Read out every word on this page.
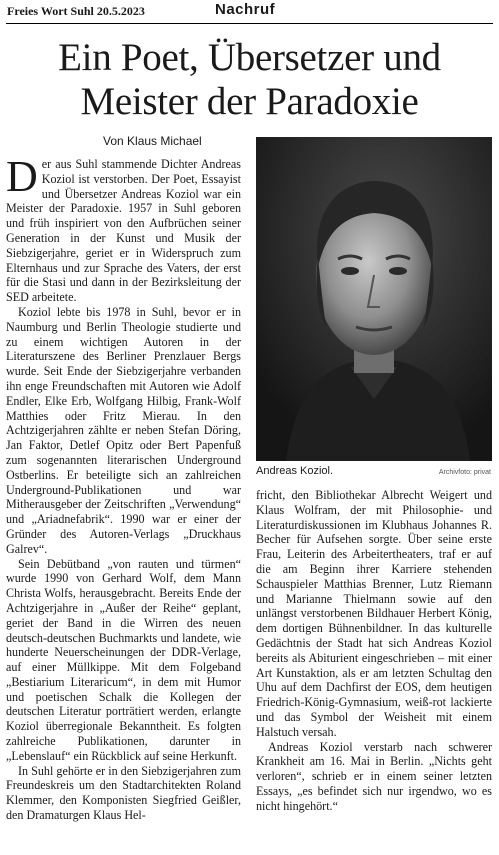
Freies Wort Suhl 20.5.2023	Nachruf
Ein Poet, Übersetzer und Meister der Paradoxie
Von Klaus Michael

Der aus Suhl stammende Dichter Andreas Koziol ist verstorben. Der Poet, Essayist und Übersetzer Andreas Koziol war ein Meister der Paradoxie. 1957 in Suhl geboren und früh inspiriert von den Aufbrüchen seiner Generation in der Kunst und Musik der Siebzigerjahre, geriet er in Widerspruch zum Elternhaus und zur Sprache des Vaters, der erst für die Stasi und dann in der Bezirksleitung der SED arbeitete.

Koziol lebte bis 1978 in Suhl, bevor er in Naumburg und Berlin Theologie studierte und zu einem wichtigen Autoren in der Literaturszene des Berliner Prenzlauer Bergs wurde. Seit Ende der Siebzigerjahre verbanden ihn enge Freundschaften mit Autoren wie Adolf Endler, Elke Erb, Wolfgang Hilbig, Frank-Wolf Matthies oder Fritz Mierau. In den Achtzigerjahren zählte er neben Stefan Döring, Jan Faktor, Detlef Opitz oder Bert Papenfuß zum sogenannten literarischen Underground Ostberlins. Er beteiligte sich an zahlreichen Underground-Publikationen und war Mitherausgeber der Zeitschriften „Verwendung“ und „Ariadnefabrik“. 1990 war er einer der Gründer des Autoren-Verlags „Druckhaus Galrev“.

Sein Debütband „von rauten und türmen“ wurde 1990 von Gerhard Wolf, dem Mann Christa Wolfs, herausgebracht. Bereits Ende der Achtzigerjahre in „Außer der Reihe“ geplant, geriet der Band in die Wirren des neuen deutsch-deutschen Buchmarkts und landete, wie hunderte Neuerscheinungen der DDR-Verlage, auf einer Müllkippe. Mit dem Folgeband „Bestiarium Literaricum“, in dem mit Humor und poetischen Schalk die Kollegen der deutschen Literatur porträtiert werden, erlangte Koziol überregionale Bekanntheit. Es folgten zahlreiche Publikationen, darunter in „Lebenslauf“ ein Rückblick auf seine Herkunft.

In Suhl gehörte er in den Siebzigerjahren zum Freundeskreis um den Stadtarchitekten Roland Klemmer, den Komponisten Siegfried Geißler, den Dramaturgen Klaus Hel-

Andreas Koziol.	Archivfoto: privat

fricht, den Bibliothekar Albrecht Weigert und Klaus Wolfram, der mit Philosophie- und Literaturdiskussionen im Klubhaus Johannes R. Becher für Aufsehen sorgte. Über seine erste Frau, Leiterin des Arbeitertheaters, traf er auf die am Beginn ihrer Karriere stehenden Schauspieler Matthias Brenner, Lutz Riemann und Marianne Thielmann sowie auf den unlängst verstorbenen Bildhauer Herbert König, dem dortigen Bühnenbildner. In das kulturelle Gedächtnis der Stadt hat sich Andreas Koziol bereits als Abiturient eingeschrieben – mit einer Art Kunstaktion, als er am letzten Schultag den Uhu auf dem Dachfirst der EOS, dem heutigen Friedrich-König-Gymnasium, weiß-rot lackierte und das Symbol der Weisheit mit einem Halstuch versah.

Andreas Koziol verstarb nach schwerer Krankheit am 16. Mai in Berlin. „Nichts geht verloren“, schrieb er in einem seiner letzten Essays, „es befindet sich nur irgendwo, wo es nicht hingehört.“
